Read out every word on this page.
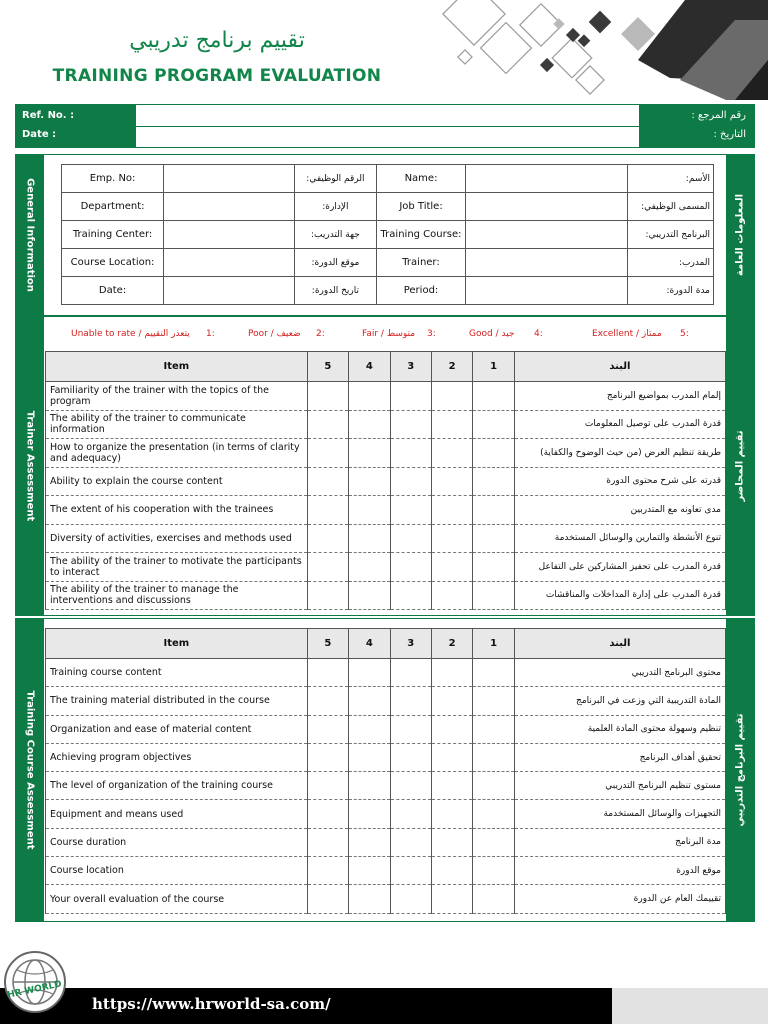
تقييم برنامج تدريبي
TRAINING PROGRAM EVALUATION
Ref. No. :
Date :
رقم المرجع :
التاريخ :
General Information	المعلومات العامة
Emp. No:		الرقم الوظيفي:	Name:		الأسم:
Department:		الإدارة:	Job Title:		المسمى الوظيفي:
Training Center:		جهة التدريب:	Training Course:		البرنامج التدريبي:
Course Location:		موقع الدورة:	Trainer:		المدرب:
Date:		تاريخ الدورة:	Period:		مدة الدورة:
Trainer Assessment	تقييم المحاضر
Unable to rate / يتعذر التقييم 1:	Poor / ضعيف 2:	Fair / متوسط 3:	Good / جيد 4:	Excellent / ممتاز 5:
Item	5	4	3	2	1	البند
Familiarity of the trainer with the topics of the program						إلمام المدرب بمواضيع البرنامج
The ability of the trainer to communicate information						قدرة المدرب على توصيل المعلومات
How to organize the presentation (in terms of clarity and adequacy)						طريقة تنظيم العرض (من حيث الوضوح والكفاية)
Ability to explain the course content						قدرته على شرح محتوى الدورة
The extent of his cooperation with the trainees						مدى تعاونه مع المتدربين
Diversity of activities, exercises and methods used						تنوع الأنشطة والتمارين والوسائل المستخدمة
The ability of the trainer to motivate the participants to interact						قدرة المدرب على تحفيز المشاركين على التفاعل
The ability of the trainer to manage the interventions and discussions						قدرة المدرب على إدارة المداخلات والمناقشات
Training Course Assessment	تقييم البرنامج التدريبي
Item	5	4	3	2	1	البند
Training course content						محتوى البرنامج التدريبي
The training material distributed in the course						المادة التدريبية التي وزعت في البرنامج
Organization and ease of material content						تنظيم وسهولة محتوى المادة العلمية
Achieving program objectives						تحقيق أهداف البرنامج
The level of organization of the training course						مستوى تنظيم البرنامج التدريبي
Equipment and means used						التجهيزات والوسائل المستخدمة
Course duration						مدة البرنامج
Course location						موقع الدورة
Your overall evaluation of the course						تقييمك العام عن الدورة
HR WORLD
https://www.hrworld-sa.com/
